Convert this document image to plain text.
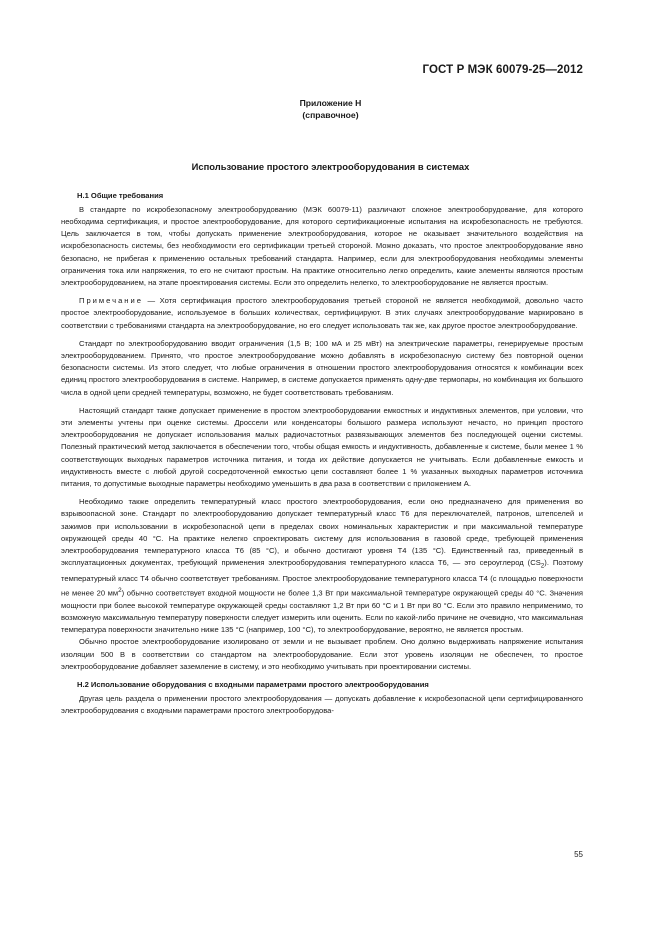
ГОСТ Р МЭК 60079-25—2012
Приложение Н
(справочное)
Использование простого электрооборудования в системах

Н.1 Общие требования

В стандарте по искробезопасному электрооборудованию (МЭК 60079-11) различают сложное электрооборудование, для которого необходима сертификация, и простое электрооборудование, для которого сертификационные испытания на искробезопасность не требуются. Цель заключается в том, чтобы допускать применение электрооборудования, которое не оказывает значительного воздействия на искробезопасность системы, без необходимости его сертификации третьей стороной. Можно доказать, что простое электрооборудование явно безопасно, не прибегая к применению остальных требований стандарта. Например, если для электрооборудования необходимы элементы ограничения тока или напряжения, то его не считают простым. На практике относительно легко определить, какие элементы являются простым электрооборудованием, на этапе проектирования системы. Если это определить нелегко, то электрооборудование не является простым.

Примечание — Хотя сертификация простого электрооборудования третьей стороной не является необходимой, довольно часто простое электрооборудование, используемое в больших количествах, сертифицируют. В этих случаях электрооборудование маркировано в соответствии с требованиями стандарта на электрооборудование, но его следует использовать так же, как другое простое электрооборудование.

Стандарт по электрооборудованию вводит ограничения (1,5 В; 100 мА и 25 мВт) на электрические параметры, генерируемые простым электрооборудованием. Принято, что простое электрооборудование можно добавлять в искробезопасную систему без повторной оценки безопасности системы. Из этого следует, что любые ограничения в отношении простого электрооборудования относятся к комбинации всех единиц простого электрооборудования в системе. Например, в системе допускается применять одну-две термопары, но комбинация их большого числа в одной цепи средней температуры, возможно, не будет соответствовать требованиям.

Настоящий стандарт также допускает применение в простом электрооборудовании емкостных и индуктивных элементов, при условии, что эти элементы учтены при оценке системы. Дроссели или конденсаторы большого размера используют нечасто, но принцип простого электрооборудования не допускает использования малых радиочастотных развязывающих элементов без последующей оценки системы. Полезный практический метод заключается в обеспечении того, чтобы общая емкость и индуктивность, добавленные к системе, были менее 1 % соответствующих выходных параметров источника питания, и тогда их действие допускается не учитывать. Если добавленные емкость и индуктивность вместе с любой другой сосредоточенной емкостью цепи составляют более 1 % указанных выходных параметров источника питания, то допустимые выходные параметры необходимо уменьшить в два раза в соответствии с приложением А.

Необходимо также определить температурный класс простого электрооборудования, если оно предназначено для применения во взрывоопасной зоне. Стандарт по электрооборудованию допускает температурный класс Т6 для переключателей, патронов, штепселей и зажимов при использовании в искробезопасной цепи в пределах своих номинальных характеристик и при максимальной температуре окружающей среды 40 °С. На практике нелегко спроектировать систему для использования в газовой среде, требующей применения электрооборудования температурного класса Т6 (85 °С), и обычно достигают уровня Т4 (135 °С). Единственный газ, приведенный в эксплуатационных документах, требующий применения электрооборудования температурного класса Т6, — это сероуглерод $(CS_2)$. Поэтому температурный класс Т4 обычно соответствует требованиям. Простое электрооборудование температурного класса Т4 (с площадью поверхности не менее 20 $мм^2$) обычно соответствует входной мощности не более 1,3 Вт при максимальной температуре окружающей среды 40 °С. Значения мощности при более высокой температуре окружающей среды составляют 1,2 Вт при 60 °С и 1 Вт при 80 °С. Если это правило неприменимо, то возможную максимальную температуру поверхности следует измерить или оценить. Если по какой-либо причине не очевидно, что максимальная температура поверхности значительно ниже 135 °С (например, 100 °С), то электрооборудование, вероятно, не является простым.

Обычно простое электрооборудование изолировано от земли и не вызывает проблем. Оно должно выдерживать напряжение испытания изоляции 500 В в соответствии со стандартом на электрооборудование. Если этот уровень изоляции не обеспечен, то простое электрооборудование добавляет заземление в систему, и это необходимо учитывать при проектировании системы.

Н.2 Использование оборудования с входными параметрами простого электрооборудования

Другая цель раздела о применении простого электрооборудования — допускать добавление к искробезопасной цепи сертифицированного электрооборудования с входными параметрами простого электрооборудова-

55
